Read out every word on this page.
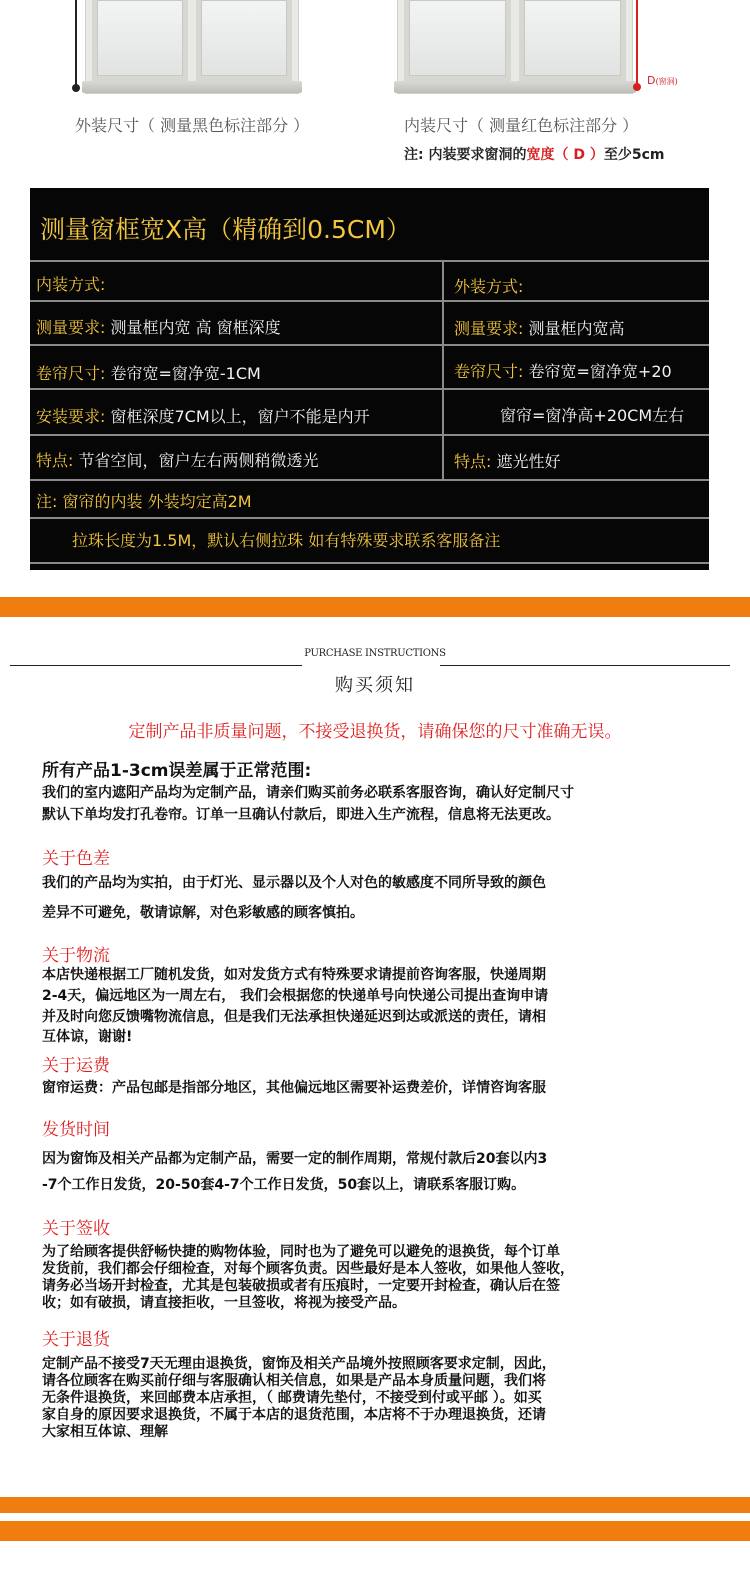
D(窗洞)
外装尺寸（ 测量黑色标注部分 ）	内装尺寸（ 测量红色标注部分 ）
注: 内装要求窗洞的宽度（ D ）至少5cm
测量窗框宽X高（精确到0.5CM）
内装方式:	外装方式:
测量要求: 测量框内宽 高 窗框深度	测量要求: 测量框内宽高
卷帘尺寸: 卷帘宽=窗净宽-1CM	卷帘尺寸: 卷帘宽=窗净宽+20
安装要求: 窗框深度7CM以上，窗户不能是内开	窗帘=窗净高+20CM左右
特点: 节省空间，窗户左右两侧稍微透光	特点: 遮光性好
注: 窗帘的内装 外装均定高2M
拉珠长度为1.5M，默认右侧拉珠 如有特殊要求联系客服备注
PURCHASE INSTRUCTIONS
购买须知
定制产品非质量问题，不接受退换货，请确保您的尺寸准确无误。
所有产品1-3cm误差属于正常范围:
我们的室内遮阳产品均为定制产品，请亲们购买前务必联系客服咨询，确认好定制尺寸
默认下单均发打孔卷帘。订单一旦确认付款后，即进入生产流程，信息将无法更改。
关于色差
我们的产品均为实拍，由于灯光、显示器以及个人对色的敏感度不同所导致的颜色
差异不可避免，敬请谅解，对色彩敏感的顾客慎拍。
关于物流
本店快递根据工厂随机发货，如对发货方式有特殊要求请提前咨询客服，快递周期
2-4天，偏远地区为一周左右， 我们会根据您的快递单号向快递公司提出查询申请
并及时向您反馈嘴物流信息，但是我们无法承担快递延迟到达或派送的责任，请相
互体谅，谢谢!
关于运费
窗帘运费：产品包邮是指部分地区，其他偏远地区需要补运费差价，详情咨询客服
发货时间
因为窗饰及相关产品都为定制产品，需要一定的制作周期，常规付款后20套以内3
-7个工作日发货，20-50套4-7个工作日发货，50套以上，请联系客服订购。
关于签收
为了给顾客提供舒畅快捷的购物体验，同时也为了避免可以避免的退换货，每个订单
发货前，我们都会仔细检查，对每个顾客负责。因些最好是本人签收，如果他人签收，
请务必当场开封检查，尤其是包装破损或者有压痕时，一定要开封检查，确认后在签
收；如有破损，请直接拒收，一旦签收，将视为接受产品。
关于退货
定制产品不接受7天无理由退换货，窗饰及相关产品境外按照顾客要求定制，因此，
请各位顾客在购买前仔细与客服确认相关信息，如果是产品本身质量问题，我们将
无条件退换货，来回邮费本店承担，（ 邮费请先垫付，不接受到付或平邮 ）。如买
家自身的原因要求退换货，不属于本店的退货范围，本店将不于办理退换货，还请
大家相互体谅、理解
